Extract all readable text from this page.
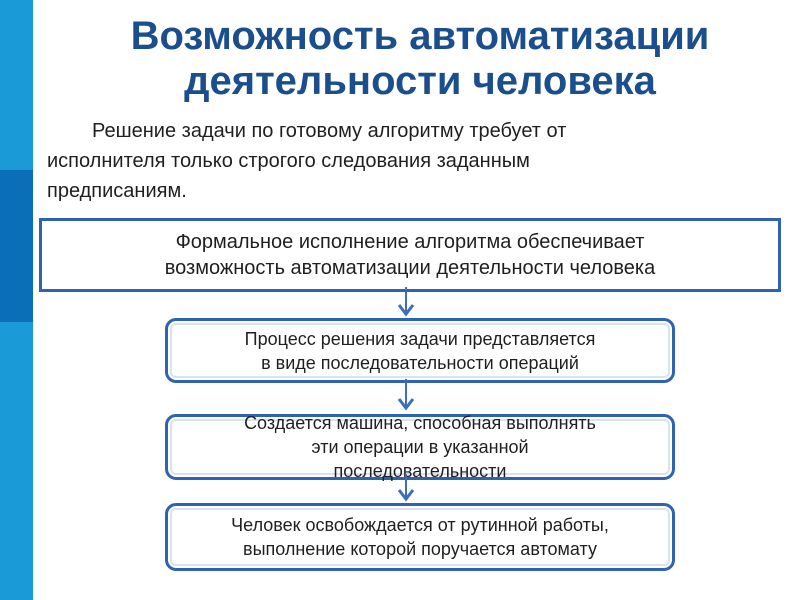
Возможность автоматизации
деятельности человека
Решение задачи по готовому алгоритму требует от
исполнителя только строгого следования заданным
предписаниям.
Формальное исполнение алгоритма обеспечивает
возможность автоматизации деятельности человека
Процесс решения задачи представляется
в виде последовательности операций
Создается машина, способная выполнять
эти операции в указанной
последовательности
Человек освобождается от рутинной работы,
выполнение которой поручается автомату
